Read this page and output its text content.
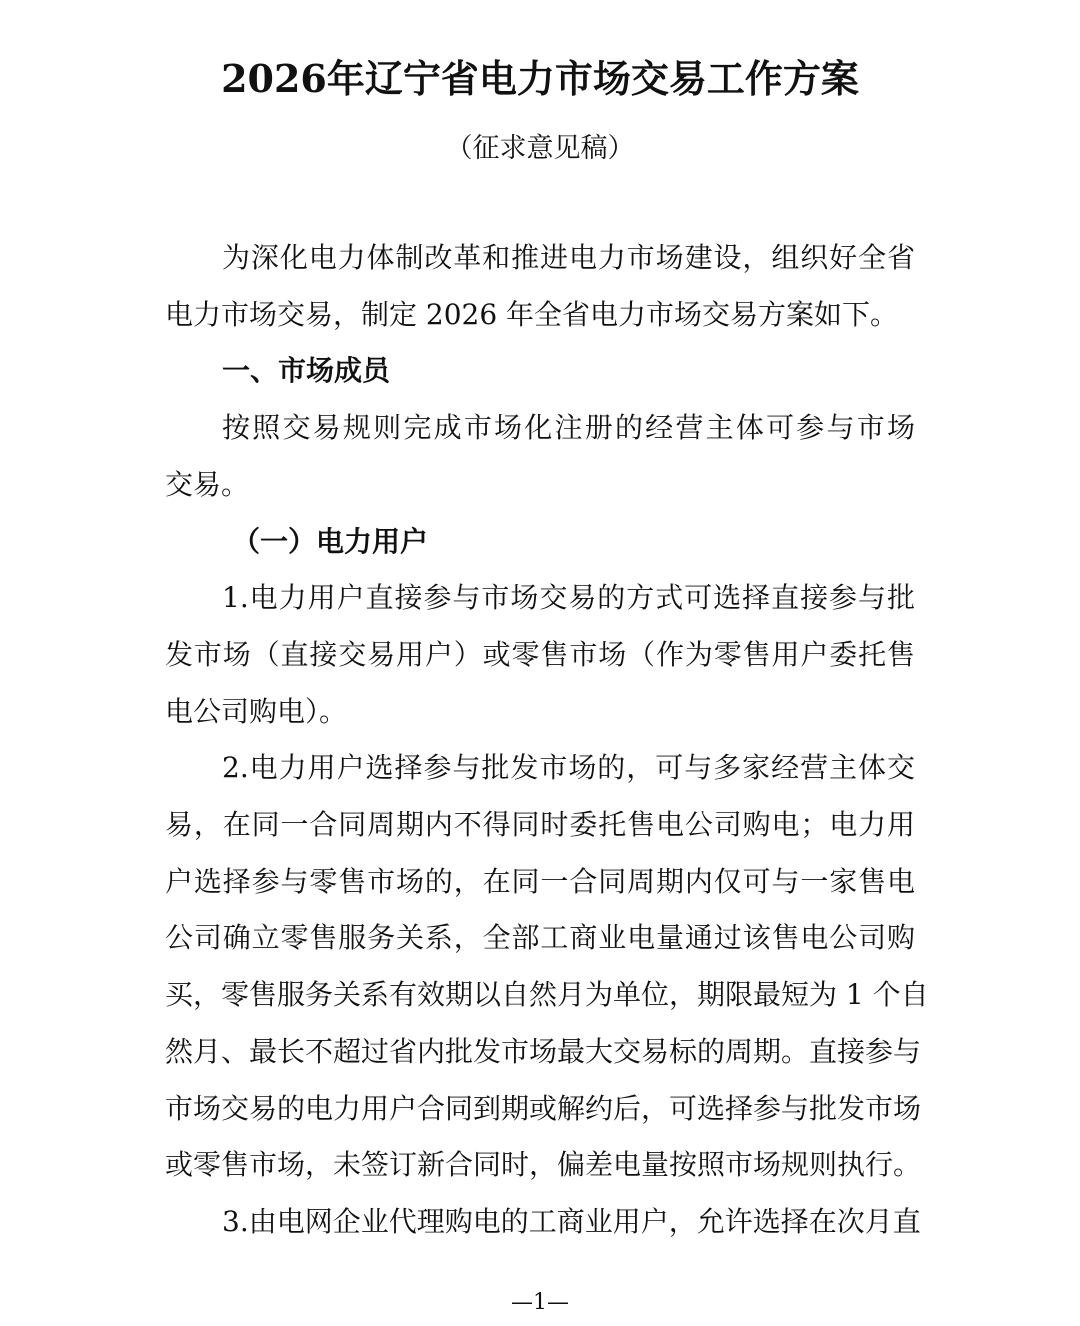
2026年辽宁省电力市场交易工作方案
（征求意见稿）
为深化电力体制改革和推进电力市场建设，组织好全省
电力市场交易，制定 2026 年全省电力市场交易方案如下。
一、市场成员
按照交易规则完成市场化注册的经营主体可参与市场
交易。
（一）电力用户
1.电力用户直接参与市场交易的方式可选择直接参与批
发市场（直接交易用户）或零售市场（作为零售用户委托售
电公司购电）。
2.电力用户选择参与批发市场的，可与多家经营主体交
易，在同一合同周期内不得同时委托售电公司购电；电力用
户选择参与零售市场的，在同一合同周期内仅可与一家售电
公司确立零售服务关系，全部工商业电量通过该售电公司购
买，零售服务关系有效期以自然月为单位，期限最短为 1 个自
然月、最长不超过省内批发市场最大交易标的周期。直接参与
市场交易的电力用户合同到期或解约后，可选择参与批发市场
或零售市场，未签订新合同时，偏差电量按照市场规则执行。
3.由电网企业代理购电的工商业用户，允许选择在次月直
—1—
